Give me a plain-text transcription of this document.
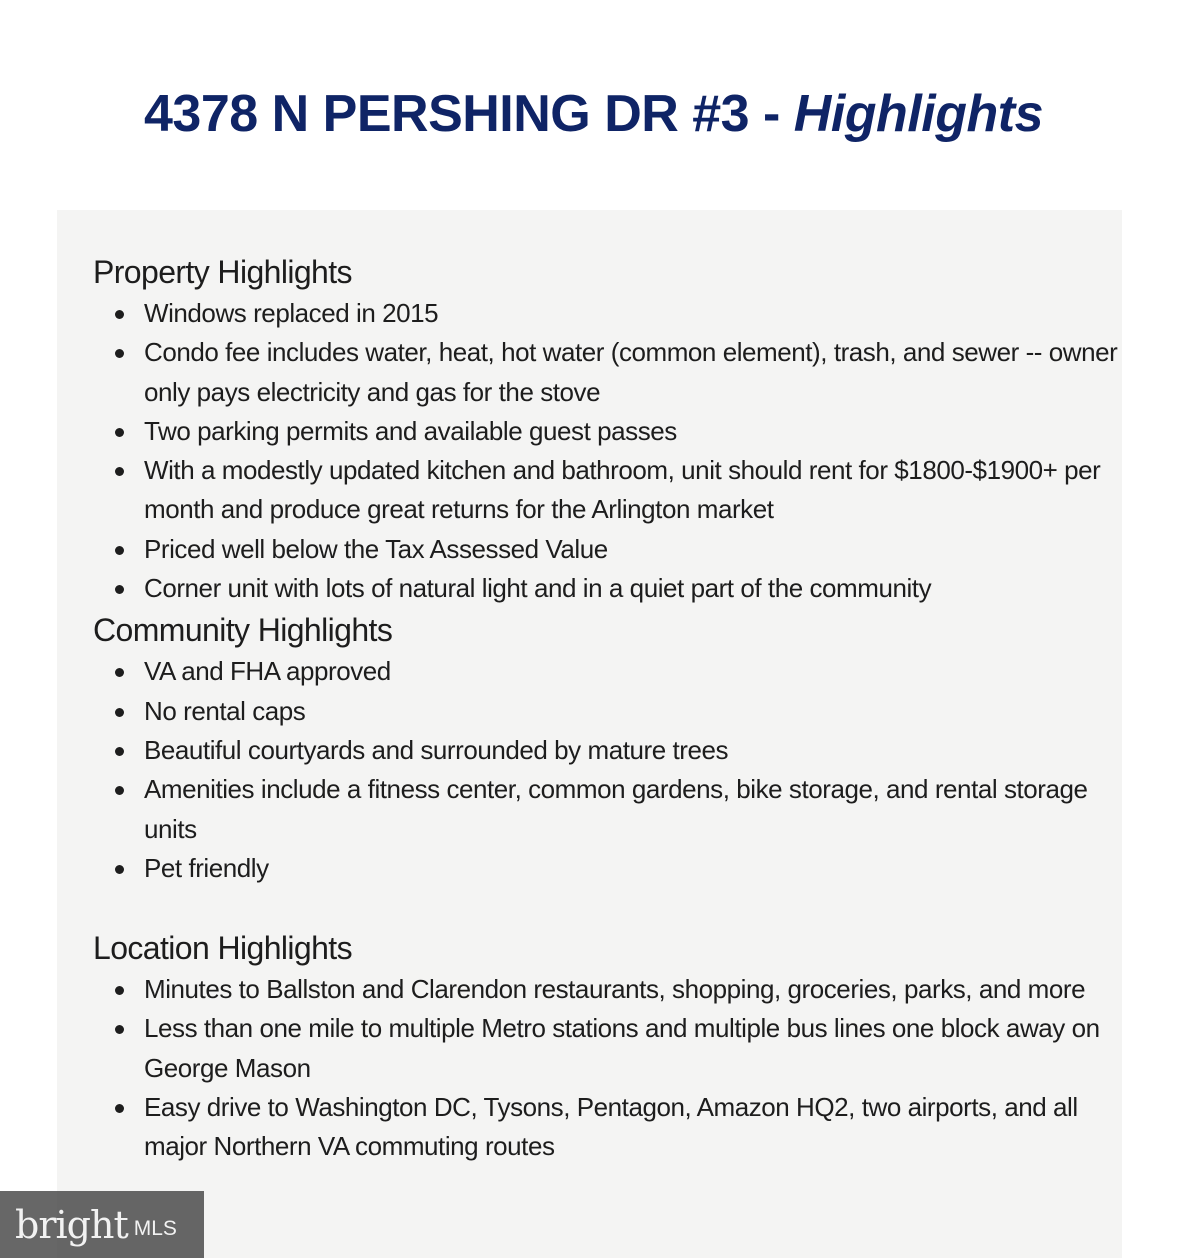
4378 N PERSHING DR #3 - Highlights
Property Highlights
Windows replaced in 2015
Condo fee includes water, heat, hot water (common element), trash, and sewer -- owner only pays electricity and gas for the stove
Two parking permits and available guest passes
With a modestly updated kitchen and bathroom, unit should rent for $1800-$1900+ per month and produce great returns for the Arlington market
Priced well below the Tax Assessed Value
Corner unit with lots of natural light and in a quiet part of the community
Community Highlights
VA and FHA approved
No rental caps
Beautiful courtyards and surrounded by mature trees
Amenities include a fitness center, common gardens, bike storage, and rental storage units
Pet friendly
Location Highlights
Minutes to Ballston and Clarendon restaurants, shopping, groceries, parks, and more
Less than one mile to multiple Metro stations and multiple bus lines one block away on George Mason
Easy drive to Washington DC, Tysons, Pentagon, Amazon HQ2, two airports, and all major Northern VA commuting routes
bright MLS
